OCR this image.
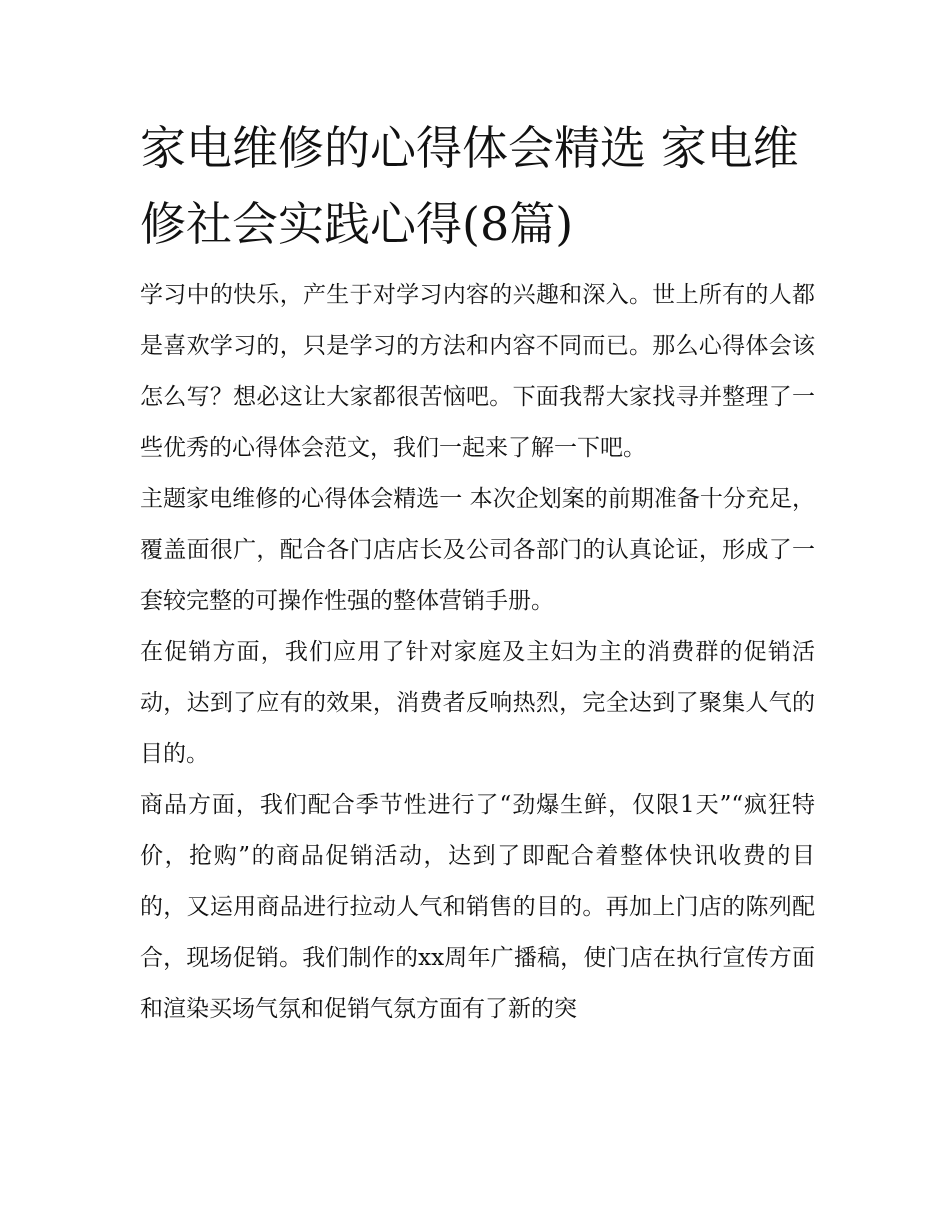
家电维修的心得体会精选 家电维修社会实践心得(8篇)

学习中的快乐，产生于对学习内容的兴趣和深入。世上所有的人都是喜欢学习的，只是学习的方法和内容不同而已。那么心得体会该怎么写？想必这让大家都很苦恼吧。下面我帮大家找寻并整理了一些优秀的心得体会范文，我们一起来了解一下吧。

主题家电维修的心得体会精选一 本次企划案的前期准备十分充足，覆盖面很广，配合各门店店长及公司各部门的认真论证，形成了一套较完整的可操作性强的整体营销手册。

在促销方面，我们应用了针对家庭及主妇为主的消费群的促销活动，达到了应有的效果，消费者反响热烈，完全达到了聚集人气的目的。

商品方面，我们配合季节性进行了“劲爆生鲜，仅限1天”“疯狂特价，抢购”的商品促销活动，达到了即配合着整体快讯收费的目的，又运用商品进行拉动人气和销售的目的。再加上门店的陈列配合，现场促销。我们制作的xx周年广播稿，使门店在执行宣传方面和渲染买场气氛和促销气氛方面有了新的突
